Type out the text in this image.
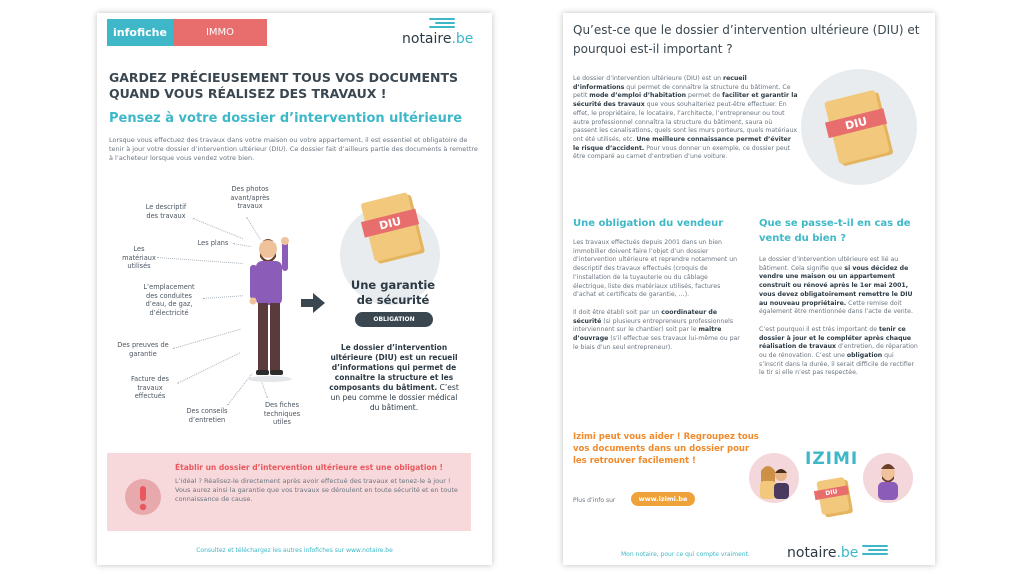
infofiche	IMMO	notaire.be
GARDEZ PRÉCIEUSEMENT TOUS VOS DOCUMENTS QUAND VOUS RÉALISEZ DES TRAVAUX !
Pensez à votre dossier d’intervention ultérieure
Lorsque vous effectuez des travaux dans votre maison ou votre appartement, il est essentiel et obligatoire de tenir à jour votre dossier d’intervention ultérieur (DIU). Ce dossier fait d’ailleurs partie des documents à remettre à l’acheteur lorsque vous vendez votre bien.
Des photos avant/après travaux
Le descriptif des travaux
Les plans
Les matériaux utilisés
L’emplacement des conduites d’eau, de gaz, d’électricité
Des preuves de garantie
Facture des travaux effectués
Des conseils d’entretien
Des fiches techniques utiles
DIU
Une garantie de sécurité
OBLIGATION
Le dossier d’intervention ultérieure (DIU) est un recueil d’informations qui permet de connaitre la structure et les composants du bâtiment. C’est un peu comme le dossier médical du bâtiment.
Établir un dossier d’intervention ultérieure est une obligation !
L’idéal ? Réalisez-le directement après avoir effectué des travaux et tenez-le à jour ! Vous aurez ainsi la garantie que vos travaux se déroulent en toute sécurité et en toute connaissance de cause.
Consultez et téléchargez les autres infofiches sur www.notaire.be
Qu’est-ce que le dossier d’intervention ultérieure (DIU) et pourquoi est-il important ?
Le dossier d’intervention ultérieure (DIU) est un recueil d’informations qui permet de connaître la structure du bâtiment. Ce petit mode d’emploi d’habitation permet de faciliter et garantir la sécurité des travaux que vous souhaiteriez peut-être effectuer. En effet, le propriétaire, le locataire, l’architecte, l’entrepreneur ou tout autre professionnel connaîtra la structure du bâtiment, saura où passent les canalisations, quels sont les murs porteurs, quels matériaux ont été utilisés, etc. Une meilleure connaissance permet d’éviter le risque d’accident. Pour vous donner un exemple, ce dossier peut être comparé au carnet d’entretien d’une voiture.
DIU
Une obligation du vendeur
Les travaux effectués depuis 2001 dans un bien immobilier doivent faire l’objet d’un dossier d’intervention ultérieure et reprendre notamment un descriptif des travaux effectués (croquis de l’installation de la tuyauterie ou du câblage électrique, liste des matériaux utilisés, factures d’achat et certificats de garantie, …).
Il doit être établi soit par un coordinateur de sécurité (si plusieurs entrepreneurs professionnels interviennent sur le chantier) soit par le maître d’ouvrage (s’il effectue ses travaux lui-même ou par le biais d’un seul entrepreneur).
Que se passe-t-il en cas de vente du bien ?
Le dossier d’intervention ultérieure est lié au bâtiment. Cela signifie que si vous décidez de vendre une maison ou un appartement construit ou rénové après le 1er mai 2001, vous devez obligatoirement remettre le DIU au nouveau propriétaire. Cette remise doit également être mentionnée dans l’acte de vente.
C’est pourquoi il est très important de tenir ce dossier à jour et le compléter après chaque réalisation de travaux d’entretien, de réparation ou de rénovation. C’est une obligation qui s’inscrit dans la durée, il serait difficile de rectifier le tir si elle n’est pas respectée.
Izimi peut vous aider ! Regroupez tous vos documents dans un dossier pour les retrouver facilement !
Plus d’info sur	www.izimi.be
IZIMI
DIU
Mon notaire, pour ce qui compte vraiment.	notaire.be
